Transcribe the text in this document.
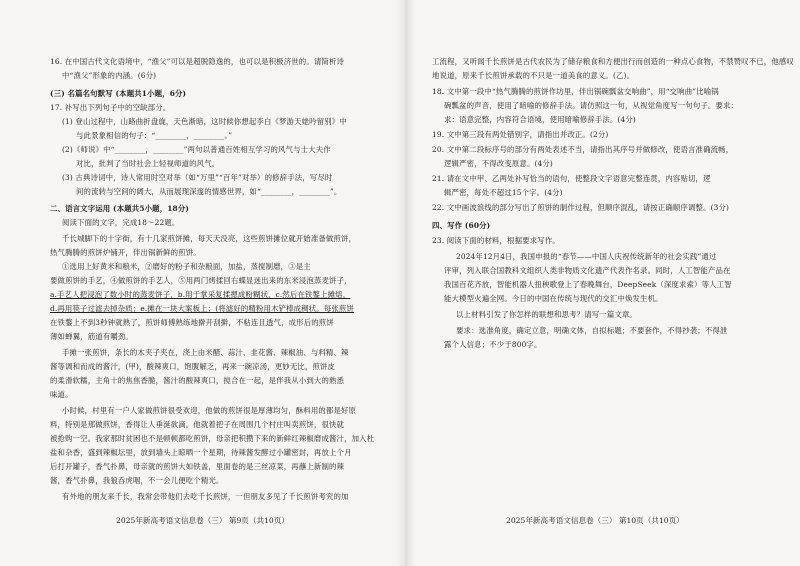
16. 在中国古代文化语境中，“渔父”可以是超脱隐逸的，也可以是积极济世的。请简析诗
中“渔父”形象的内涵。(6分)
(三) 名篇名句默写 (本题共1小题，6分)
17. 补写出下列句子中的空缺部分。
(1) 登山过程中，山路曲折盘旋，天色渐暗，这时候你想起李白《梦游天姥吟留别》中
与此景象相信的句子：“________，________。”
(2)《师说》中“________，________”两句以普通百姓相互学习的风气与士大夫作
对比，批判了当时社会上轻视师道的风气。
(3) 古典诗词中，诗人常用时空对举（如“万里”“百年”对举）的修辞手法，写尽时
间的流转与空间的阔大，从而展现深邃的情感世界，如“________，________”。
二、语言文字运用 (本题共5小题，18分)
阅读下面的文字，完成18～22题。
千长城脚下的十字街，有十几家煎饼摊，每天天没亮，这些煎饼摊位就开始准备做煎饼，
热气腾腾的煎饼炉铺开，伴出锅新鲜的煎饼。
①选用上好黄米和粮米，②磨好的粉子和杂粮面，加盐，蒸搅制磨，③是主
要做煎饼的手艺，④做煎饼的手艺人，⑤用两门烤揉回右蝶显迷出来的东米浸泡蒸麦饼子，
a.手艺人把浸泡了数小时的蒸麦饼子，b.用于掌采复揉摁成粉糊状，c.然后在铁鏊上摊熔，
d.再用筷子过滤去掉杂质；e.摊在一块大案板上；(将滤好的精粉用木铲棒成稠状。每张煎饼
在铁鏊上不到3秒钟就熟了，煎饼师傅熟练地擀开刮擀，不粘连且透气，成形后的煎饼
薄如蝉翼，筋道有嚼劲。
手摊一张煎饼，条长的木夹子夹在，浇上由米醋、蒜汁、韭花酱、辣椒油、与料精、辣
酱等调和而成的酱汁，(甲)，酸辣爽口，饱腹解乏，再来一碗凉汤，更妙无比，煎饼皮
的柔滑软糯，主角十的焦焦香脆，酱汁的酸辣爽口，搅合在一起，是伴我从小到大的熟悉
味道。
小时候，村里有一户人家做煎饼很受欢迎，他做的煎饼很是厚薄均匀，酥料用的都是好原
料，特别是那做煎饼，香得让人垂涎欲滴。他就着把子在周围几个村庄叫卖煎饼，很快就
被抢购一空。我家那时贫困也不是顿顿都吃煎饼，母亲把积攒下来的新鲜红辣椒磨成酱汁，加入杜
盐和杂香，盛到辣椒坛里，放到墙头上晾晒一个星期，待辣酱发酵过小罐密封，再放上个月
后打开罐子，香气扑鼻，母亲就的煎饼大如铁盖，里面卷的是三丝凉菜，再蘸上新制的辣
酱，香气扑鼻，我狼吞虎咽，不一会儿便吃个精光。
有外地的朋友来千长，我常会带他们去吃千长煎饼，一但朋友多见了千长煎饼考究的加
2025年新高考语文信息卷（三） 第9页（共10页）
工流程，又听闻千长煎饼是古代农民为了储存粮食和方便出行而创造的一种点心食物，不禁赞叹不已，他感叹
地说道，原来千长煎饼承载的不只是一道美食的意义。(乙)。
18. 文中第一段中“热气腾腾的煎饼作坊里，伴出锅碗瓢盆交响曲”，用“交响曲”比喻锅
碗瓢盆的声音，使用了暗喻的修辞手法。请仿照这一句，从视觉角度写一句句子。要求：
求：语意完整，内容符合语境，使用暗喻修辞手法。(4分)
19. 文中第三段有两处错别字，请指出并改正。(2分)
20. 文中第二段标序号的部分有两处表述不当，请指出其序号并做修改，使语言准确流畅，
逻辑严密，不得改变原意。(4分)
21. 请在文中甲、乙两处补写恰当的语句，使整段文字语意完整连贯，内容贴切，逻
辑严密，每处不超过15个字。(4分)
22. 文中画波浪线的部分写出了煎饼的制作过程，但顺序混乱，请按正确顺序调整。(3分)
四、写作 (60分)
23. 阅读下面的材料，根据要求写作。
2024年12月4日，我国申报的“春节——中国人庆祝传统新年的社会实践”通过
评审，列入联合国教科文组织人类非物质文化遗产代表作名录。同时，人工智能产品在
我国百花齐放，智能机器人扭秧歌登上了春晚舞台，DeepSeek（深度求索）等人工智
能大模型火遍全网。今日的中国在传统与现代的交汇中焕发生机。
以上材料引发了你怎样的联想和思考？请写一篇文章。
要求：选准角度，确定立意，明确文体，自拟标题；不要套作，不得抄袭；不得泄
露个人信息；不少于800字。
2025年新高考语文信息卷（三） 第10页（共10页）
